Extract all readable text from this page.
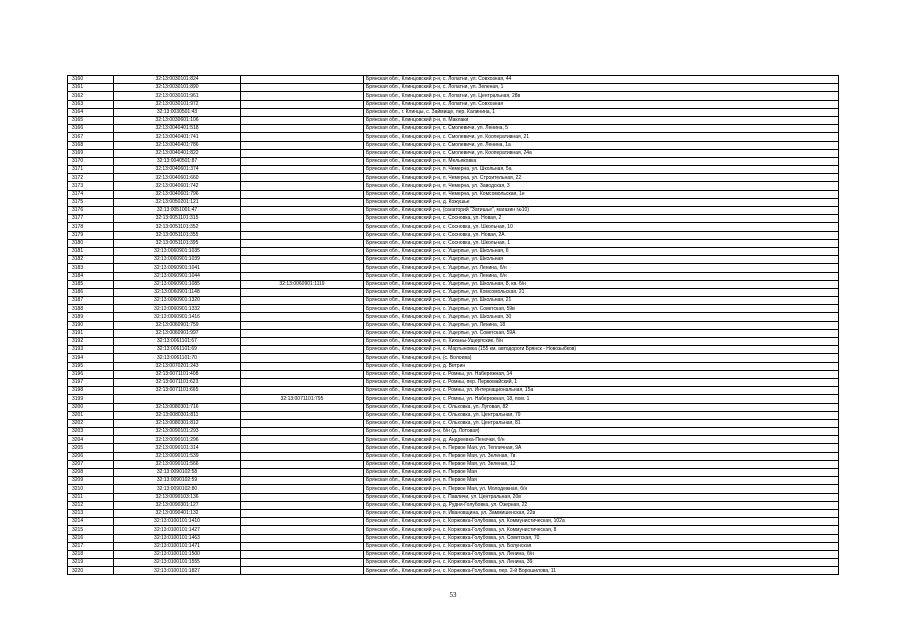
3160	32:13:0030101:824		Брянская обл., Клинцовский р-н, с. Лопатни, ул. Совхозная, 44
3161	32:13:0030101:890		Брянская обл., Клинцовский р-н, с. Лопатни, ул. Зеленая, 1
3162	32:13:0030101:961		Брянская обл., Клинцовский р-н, с. Лопатни, ул. Центральная, 28в
3163	32:13:0030101:972		Брянская обл., Клинцовский р-н, с. Лопатни, ул. Совхозная
3164	32:13:0030501:43		Брянская обл., г. Клинцы, с. Займище, пер. Калинина, 1
3165	32:13:0030601:106		Брянская обл., Клинцовский р-н, п. Маклаки
3166	32:13:0040401:518		Брянская обл., Клинцовский р-н, с. Смолевичи, ул. Ленина, 5
3167	32:13:0040401:741		Брянская обл., Клинцовский р-н, с. Смолевичи, ул. Кооперативная, 21
3168	32:13:0040401:786		Брянская обл., Клинцовский р-н, с. Смолевичи, ул. Ленина, 1а
3169	32:13:0040401:822		Брянская обл., Клинцовский р-н, с. Смолевичи, ул. Кооперативная, 24а
3170	32:13:0040501:87		Брянская обл., Клинцовский р-н, п. Мельяковка
3171	32:13:0040601:374		Брянская обл., Клинцовский р-н, п. Чемерна, ул. Школьная, 5а
3172	32:13:0040601:660		Брянская обл., Клинцовский р-н, п. Чемерна, ул. Строительная, 22
3173	32:13:0040601:742		Брянская обл., Клинцовский р-н, п. Чемерна, ул. Заводская, 3
3174	32:13:0040601:796		Брянская обл., Клинцовский р-н, п. Чемерна, ул. Комсомольская, 1е
3175	32:13:0050201:121		Брянская обл., Клинцовский р-н, д. Кожушье
3176	32:13:0051001:47		Брянская обл., Клинцовский р-н, (санаторий "Затишье", магазин №10)
3177	32:13:0051101:315		Брянская обл., Клинцовский р-н, с. Сосновка, ул. Новая, 2
3178	32:13:0051101:352		Брянская обл., Клинцовский р-н, с. Сосновка, ул. Школьная, 10
3179	32:13:0051101:355		Брянская обл., Клинцовский р-н, с. Сосновка, ул. Новая, 2А
3180	32:13:0051101:395		Брянская обл., Клинцовский р-н, с. Сосновка, ул. Школьная, 1
3181	32:13:0060901:1035		Брянская обл., Клинцовский р-н, с. Ущерпье, ул. Школьная, 6
3182	32:13:0060901:1039		Брянская обл., Клинцовский р-н, с. Ущерпье, ул. Школьная
3183	32:13:0060901:1041		Брянская обл., Клинцовский р-н, с. Ущерпье, ул. Ленина, б/н
3184	32:13:0060901:1044		Брянская обл., Клинцовский р-н, с. Ущерпье, ул. Ленина, б/н
3185	32:13:0060901:1085	32:13:0060901:1119	Брянская обл., Клинцовский р-н, с. Ущерпье, ул. Школьная, 8, кв. б/н
3186	32:13:0060901:1148		Брянская обл., Клинцовский р-н, с. Ущерпье, ул. Комсомольская, 21
3187	32:13:0060901:1320		Брянская обл., Клинцовский р-н, с. Ущерпье, ул. Школьная, 21
3188	32:13:0060901:1332		Брянская обл., Клинцовский р-н, с. Ущерпье, ул. Советская, 59в
3189	32:13:0060901:1416		Брянская обл., Клинцовский р-н, с. Ущерпье, ул. Школьная, 30
3190	32:13:0060901:759		Брянская обл., Клинцовский р-н, с. Ущерпье, ул. Ленина, 18
3191	32:13:0060901:997		Брянская обл., Клинцовский р-н, с. Ущерпье, ул. Советская, 59А
3192	32:13:0061101:67		Брянская обл., Клинцовский р-н, п. Хиханы-Ущерпские, б/н
3193	32:13:0061101:69		Брянская обл., Клинцовский р-н, с. Мартыновка (155 км. автодороги Брянск - Новозыбков)
3194	32:13:0061101:70		Брянская обл., Клинцовский р-н, (с. Волоева)
3195	32:13:0070201:243		Брянская обл., Клинцовский р-н, д. Ветрин
3196	32:13:0071101:408		Брянская обл., Клинцовский р-н, с. Ромны, ул. Набережная, 14
3197	32:13:0071101:623		Брянская обл., Клинцовский р-н, с. Ромны, пер. Первомайский, 1
3198	32:13:0071101:665		Брянская обл., Клинцовский р-н, с. Ромны, ул. Интернациональная, 15а
3199		32:13:0071101:795	Брянская обл., Клинцовский р-н, с. Ромны, ул. Набережная, 18, пом. 1
3200	32:13:0080301:716		Брянская обл., Клинцовский р-н, с. Ольховка, ул. Луговая, 82
3201	32:13:0080301:811		Брянская обл., Клинцовский р-н, с. Ольховка, ул. Центральная, 79
3202	32:13:0080301:812		Брянская обл., Клинцовский р-н, с. Ольховка, ул. Центральная, 81
3203	32:13:0090101:293		Брянская обл., Клинцовский р-н, б/н (д. Лотовая)
3204	32:13:0090101:296		Брянская обл., Клинцовский р-н, д. Андреевка-Пеночки, б/н
3205	32:13:0090101:314		Брянская обл., Клинцовский р-н, п. Первое Мая, ул. Тепличная, 9А
3206	32:13:0090101:539		Брянская обл., Клинцовский р-н, п. Первое Мая, ул. Зеленая, 7в
3207	32:13:0090101:566		Брянская обл., Клинцовский р-н, п. Первое Мая, ул. Зеленая, 12
3208	32:13:0090102:58		Брянская обл., Клинцовский р-н, п. Первое Мая
3209	32:13:0090102:59		Брянская обл., Клинцовский р-н, п. Первое Мая
3210	32:13:0090102:80		Брянская обл., Клинцовский р-н, п. Первое Мая, ул. Молодежная, б/н
3211	32:13:0090103:136		Брянская обл., Клинцовский р-н, с. Павличи, ул. Центральная, 20в
3212	32:13:0090301:127		Брянская обл., Клинцовский р-н, д. Рудня-Голубовка, ул. Озерная, 22
3213	32:13:0090401:132		Брянская обл., Клинцовский р-н, п. Ивановщина, ул. Заммишенская, 22в
3214	32:13:0100101:1410		Брянская обл., Клинцовский р-н, с. Коржовка-Голубовка, ул. Коммунистическая, 102а
3215	32:13:0100101:1427		Брянская обл., Клинцовский р-н, с. Коржовка-Голубовка, ул. Коммунистическая, 8
3216	32:13:0100101:1463		Брянская обл., Клинцовский р-н, с. Коржовка-Голубовка, ул. Советская, 70
3217	32:13:0100101:1471		Брянская обл., Клинцовский р-н, с. Коржовка-Голубовка, ул. Болунская
3218	32:13:0100101:1500		Брянская обл., Клинцовский р-н, с. Коржовка-Голубовка, ул. Ленина, б/н
3219	32:13:0100101:1555		Брянская обл., Клинцовский р-н, с. Коржовка-Голубовка, ул. Ленина, 39
3220	32:13:0100101:1827		Брянская обл., Клинцовский р-н, с. Коржовка-Голубовка, пер. 2-й Ворошилова, 11
53
